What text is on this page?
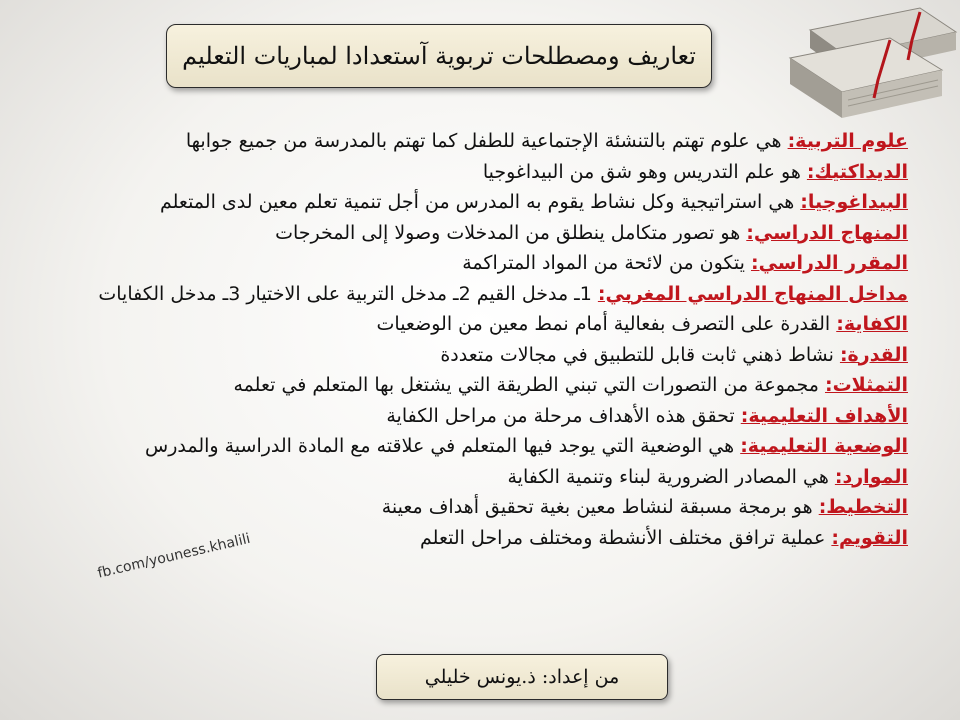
تعاريف ومصطلحات تربوية آستعدادا لمباريات التعليم

علوم التربية: هي علوم تهتم بالتنشئة الإجتماعية للطفل كما تهتم بالمدرسة من جميع جوابها

الديداكتيك: هو علم التدريس وهو شق من البيداغوجيا

البيداغوجيا: هي استراتيجية وكل نشاط يقوم به المدرس من أجل تنمية تعلم معين لدى المتعلم

المنهاج الدراسي: هو تصور متكامل ينطلق من المدخلات وصولا إلى المخرجات

المقرر الدراسي: يتكون من لائحة من المواد المتراكمة

مداخل المنهاج الدراسي المغربي: 1ـ مدخل القيم 2ـ مدخل التربية على الاختيار 3ـ مدخل الكفايات

الكفاية: القدرة على التصرف بفعالية أمام نمط معين من الوضعيات

القدرة: نشاط ذهني ثابت قابل للتطبيق في مجالات متعددة

التمثلات: مجموعة من التصورات التي تبني الطريقة التي يشتغل بها المتعلم في تعلمه

الأهداف التعليمية: تحقق هذه الأهداف مرحلة من مراحل الكفاية

الوضعية التعليمية: هي الوضعية التي يوجد فيها المتعلم في علاقته مع المادة الدراسية والمدرس

الموارد: هي المصادر الضرورية لبناء وتنمية الكفاية

التخطيط: هو برمجة مسبقة لنشاط معين بغية تحقيق أهداف معينة

التقويم: عملية ترافق مختلف الأنشطة ومختلف مراحل التعلم

fb.com/youness.khalili
من إعداد: ذ.يونس خليلي
